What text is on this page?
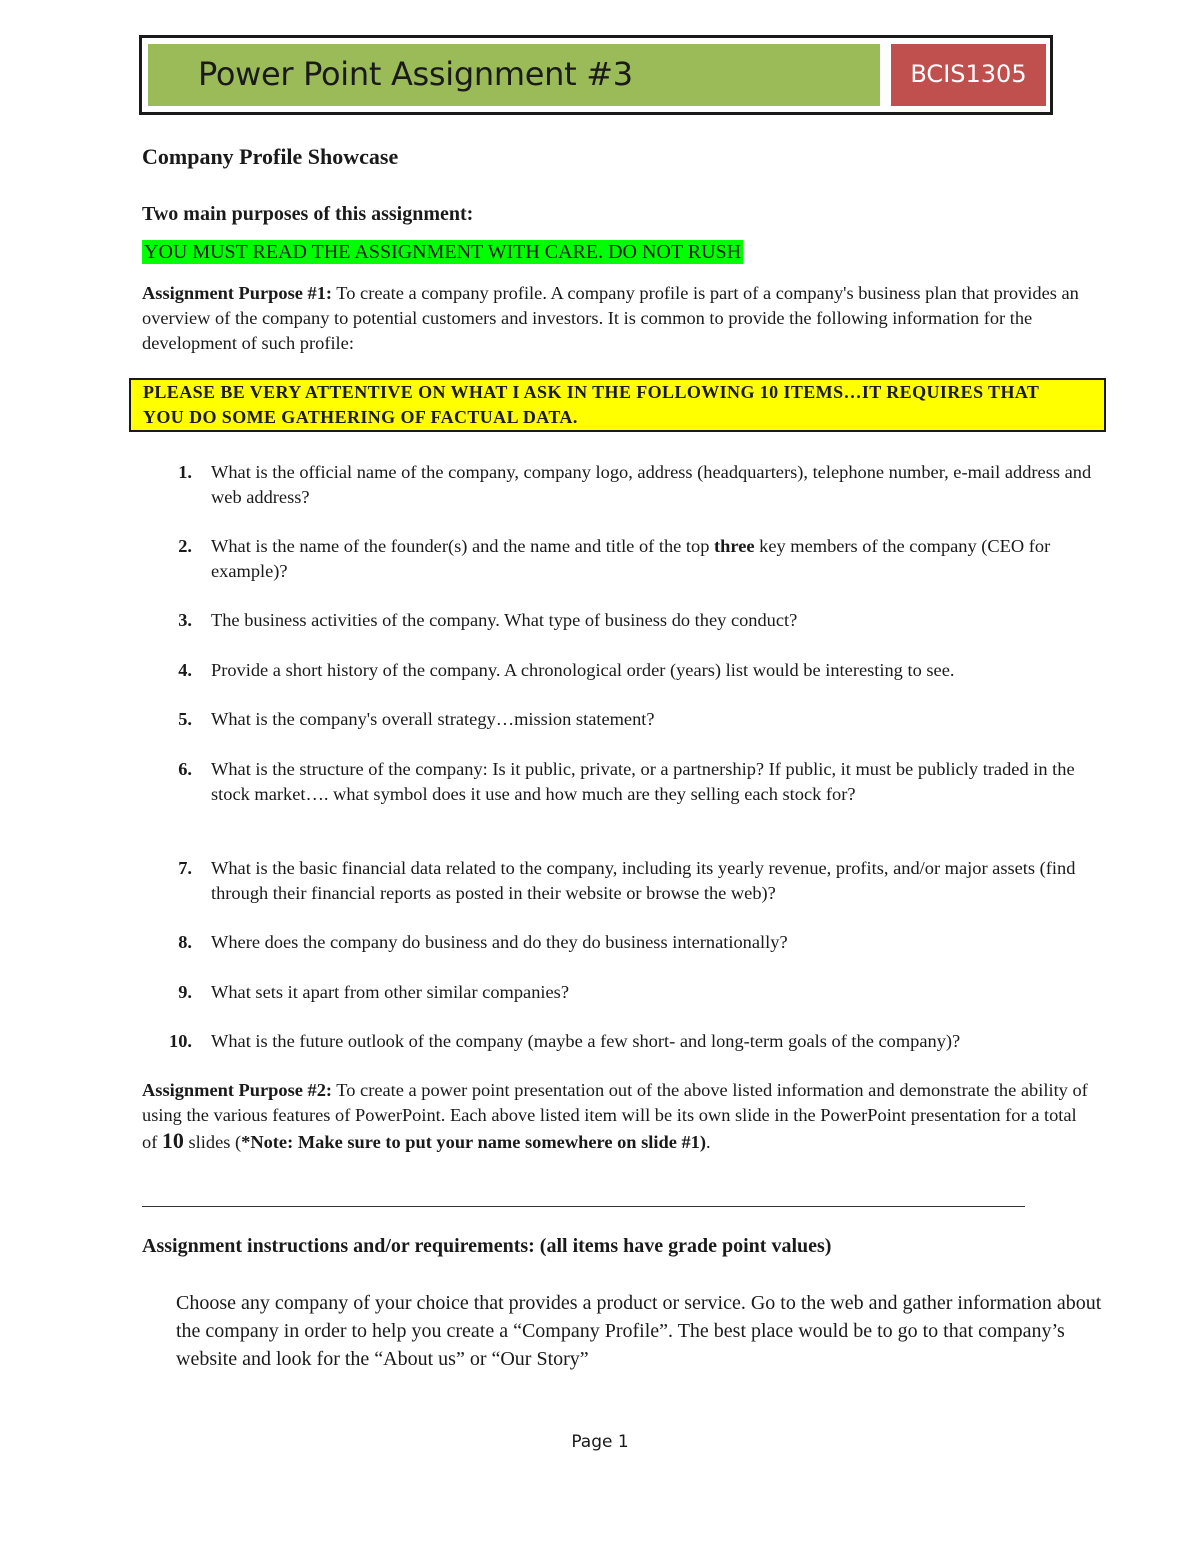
Power Point Assignment #3	BCIS1305
Company Profile Showcase
Two main purposes of this assignment:
YOU MUST READ THE ASSIGNMENT WITH CARE. DO NOT RUSH
Assignment Purpose #1: To create a company profile. A company profile is part of a company's business plan that provides an overview of the company to potential customers and investors. It is common to provide the following information for the development of such profile:
PLEASE BE VERY ATTENTIVE ON WHAT I ASK IN THE FOLLOWING 10 ITEMS…IT REQUIRES THAT YOU DO SOME GATHERING OF FACTUAL DATA.
1. What is the official name of the company, company logo, address (headquarters), telephone number, e-mail address and web address?
2. What is the name of the founder(s) and the name and title of the top three key members of the company (CEO for example)?
3. The business activities of the company. What type of business do they conduct?
4. Provide a short history of the company. A chronological order (years) list would be interesting to see.
5. What is the company's overall strategy…mission statement?
6. What is the structure of the company: Is it public, private, or a partnership? If public, it must be publicly traded in the stock market…. what symbol does it use and how much are they selling each stock for?
7. What is the basic financial data related to the company, including its yearly revenue, profits, and/or major assets (find through their financial reports as posted in their website or browse the web)?
8. Where does the company do business and do they do business internationally?
9. What sets it apart from other similar companies?
10. What is the future outlook of the company (maybe a few short- and long-term goals of the company)?
Assignment Purpose #2: To create a power point presentation out of the above listed information and demonstrate the ability of using the various features of PowerPoint. Each above listed item will be its own slide in the PowerPoint presentation for a total of 10 slides (*Note: Make sure to put your name somewhere on slide #1).
Assignment instructions and/or requirements: (all items have grade point values)
Choose any company of your choice that provides a product or service. Go to the web and gather information about the company in order to help you create a “Company Profile”. The best place would be to go to that company’s website and look for the “About us” or “Our Story”
Page 1
